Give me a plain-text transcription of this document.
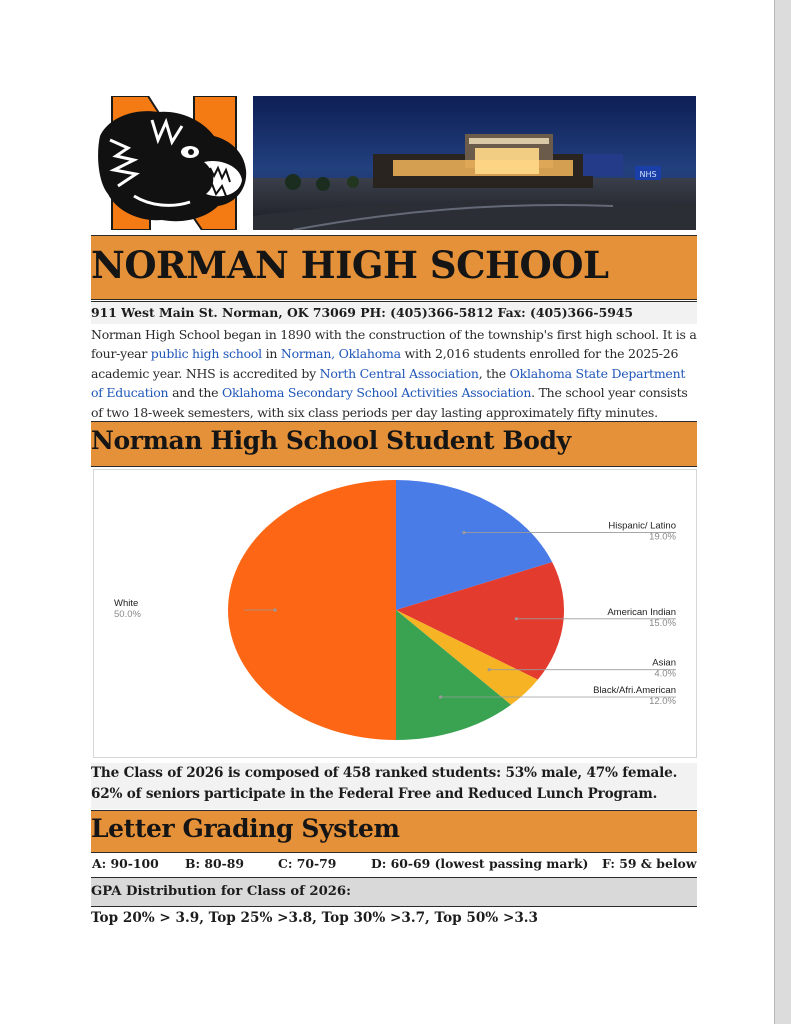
NHS
NORMAN HIGH SCHOOL
911 West Main St. Norman, OK 73069 PH: (405)366-5812 Fax: (405)366-5945
Norman High School began in 1890 with the construction of the township's first high school. It is a four-year public high school in Norman, Oklahoma with 2,016 students enrolled for the 2025-26 academic year. NHS is accredited by North Central Association, the Oklahoma State Department of Education and the Oklahoma Secondary School Activities Association. The school year consists of two 18-week semesters, with six class periods per day lasting approximately fifty minutes.
Norman High School Student Body
Hispanic/ Latino
19.0%
American Indian
15.0%
Asian
4.0%
Black/Afri.American
12.0%
White
50.0%
The Class of 2026 is composed of 458 ranked students: 53% male, 47% female. 62% of seniors participate in the Federal Free and Reduced Lunch Program.
Letter Grading System
A: 90-100 B: 80-89	C: 70-79	D: 60-69 (lowest passing mark) F: 59 & below
GPA Distribution for Class of 2026:
Top 20% > 3.9, Top 25% >3.8, Top 30% >3.7, Top 50% >3.3
